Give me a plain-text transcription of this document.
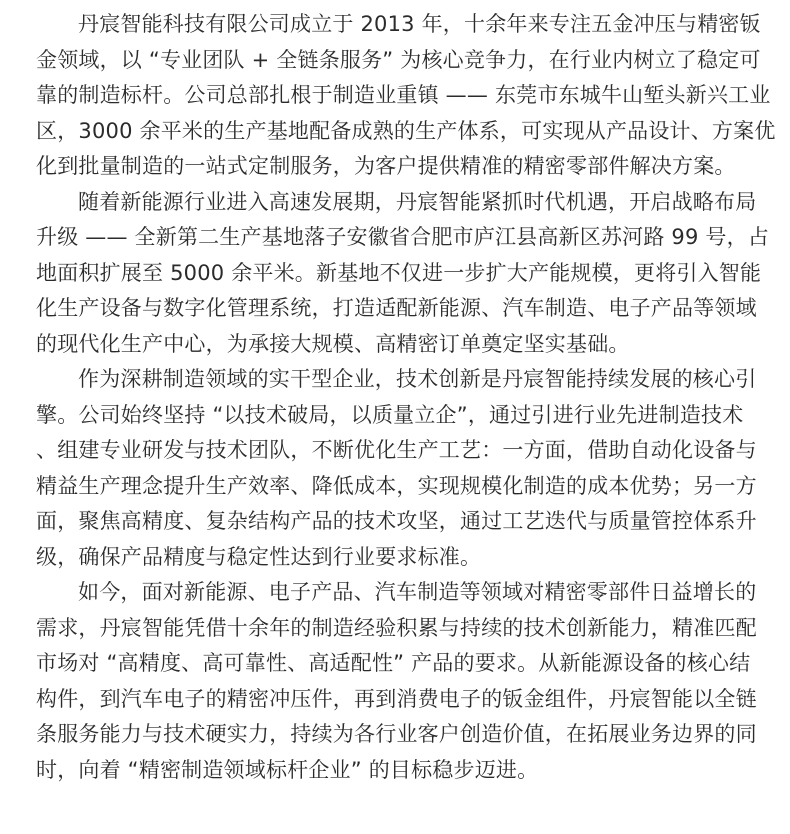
丹宸智能科技有限公司成立于 2013 年，十余年来专注五金冲压与精密钣
金领域，以 “专业团队 + 全链条服务” 为核心竞争力，在行业内树立了稳定可
靠的制造标杆。公司总部扎根于制造业重镇 —— 东莞市东城牛山堑头新兴工业
区，3000 余平米的生产基地配备成熟的生产体系，可实现从产品设计、方案优
化到批量制造的一站式定制服务，为客户提供精准的精密零部件解决方案。
随着新能源行业进入高速发展期，丹宸智能紧抓时代机遇，开启战略布局
升级 —— 全新第二生产基地落子安徽省合肥市庐江县高新区苏河路 99 号，占
地面积扩展至 5000 余平米。新基地不仅进一步扩大产能规模，更将引入智能
化生产设备与数字化管理系统，打造适配新能源、汽车制造、电子产品等领域
的现代化生产中心，为承接大规模、高精密订单奠定坚实基础。
作为深耕制造领域的实干型企业，技术创新是丹宸智能持续发展的核心引
擎。公司始终坚持 “以技术破局，以质量立企”，通过引进行业先进制造技术
、组建专业研发与技术团队，不断优化生产工艺：一方面，借助自动化设备与
精益生产理念提升生产效率、降低成本，实现规模化制造的成本优势；另一方
面，聚焦高精度、复杂结构产品的技术攻坚，通过工艺迭代与质量管控体系升
级，确保产品精度与稳定性达到行业要求标准。
如今，面对新能源、电子产品、汽车制造等领域对精密零部件日益增长的
需求，丹宸智能凭借十余年的制造经验积累与持续的技术创新能力，精准匹配
市场对 “高精度、高可靠性、高适配性” 产品的要求。从新能源设备的核心结
构件，到汽车电子的精密冲压件，再到消费电子的钣金组件，丹宸智能以全链
条服务能力与技术硬实力，持续为各行业客户创造价值，在拓展业务边界的同
时，向着 “精密制造领域标杆企业” 的目标稳步迈进。
